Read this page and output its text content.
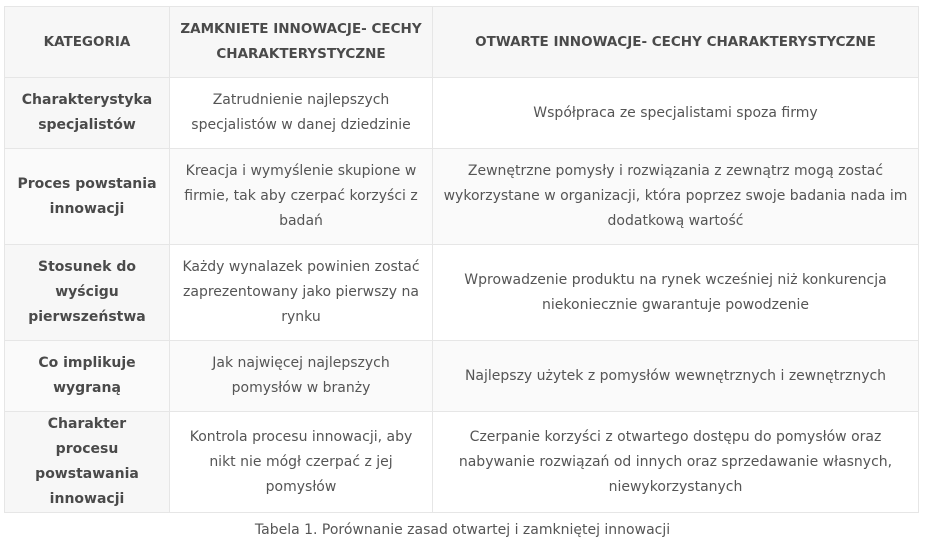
KATEGORIA	ZAMKNIETE INNOWACJE- CECHY CHARAKTERYSTYCZNE	OTWARTE INNOWACJE- CECHY CHARAKTERYSTYCZNE
Charakterystyka specjalistów	Zatrudnienie najlepszych specjalistów w danej dziedzinie	Współpraca ze specjalistami spoza firmy
Proces powstania innowacji	Kreacja i wymyślenie skupione w firmie, tak aby czerpać korzyści z badań	Zewnętrzne pomysły i rozwiązania z zewnątrz mogą zostać wykorzystane w organizacji, która poprzez swoje badania nada im dodatkową wartość
Stosunek do wyścigu pierwszeństwa	Każdy wynalazek powinien zostać zaprezentowany jako pierwszy na rynku	Wprowadzenie produktu na rynek wcześniej niż konkurencja niekoniecznie gwarantuje powodzenie
Co implikuje wygraną	Jak najwięcej najlepszych pomysłów w branży	Najlepszy użytek z pomysłów wewnętrznych i zewnętrznych
Charakter procesu powstawania innowacji	Kontrola procesu innowacji, aby nikt nie mógł czerpać z jej pomysłów	Czerpanie korzyści z otwartego dostępu do pomysłów oraz nabywanie rozwiązań od innych oraz sprzedawanie własnych, niewykorzystanych
Tabela 1. Porównanie zasad otwartej i zamkniętej innowacji
